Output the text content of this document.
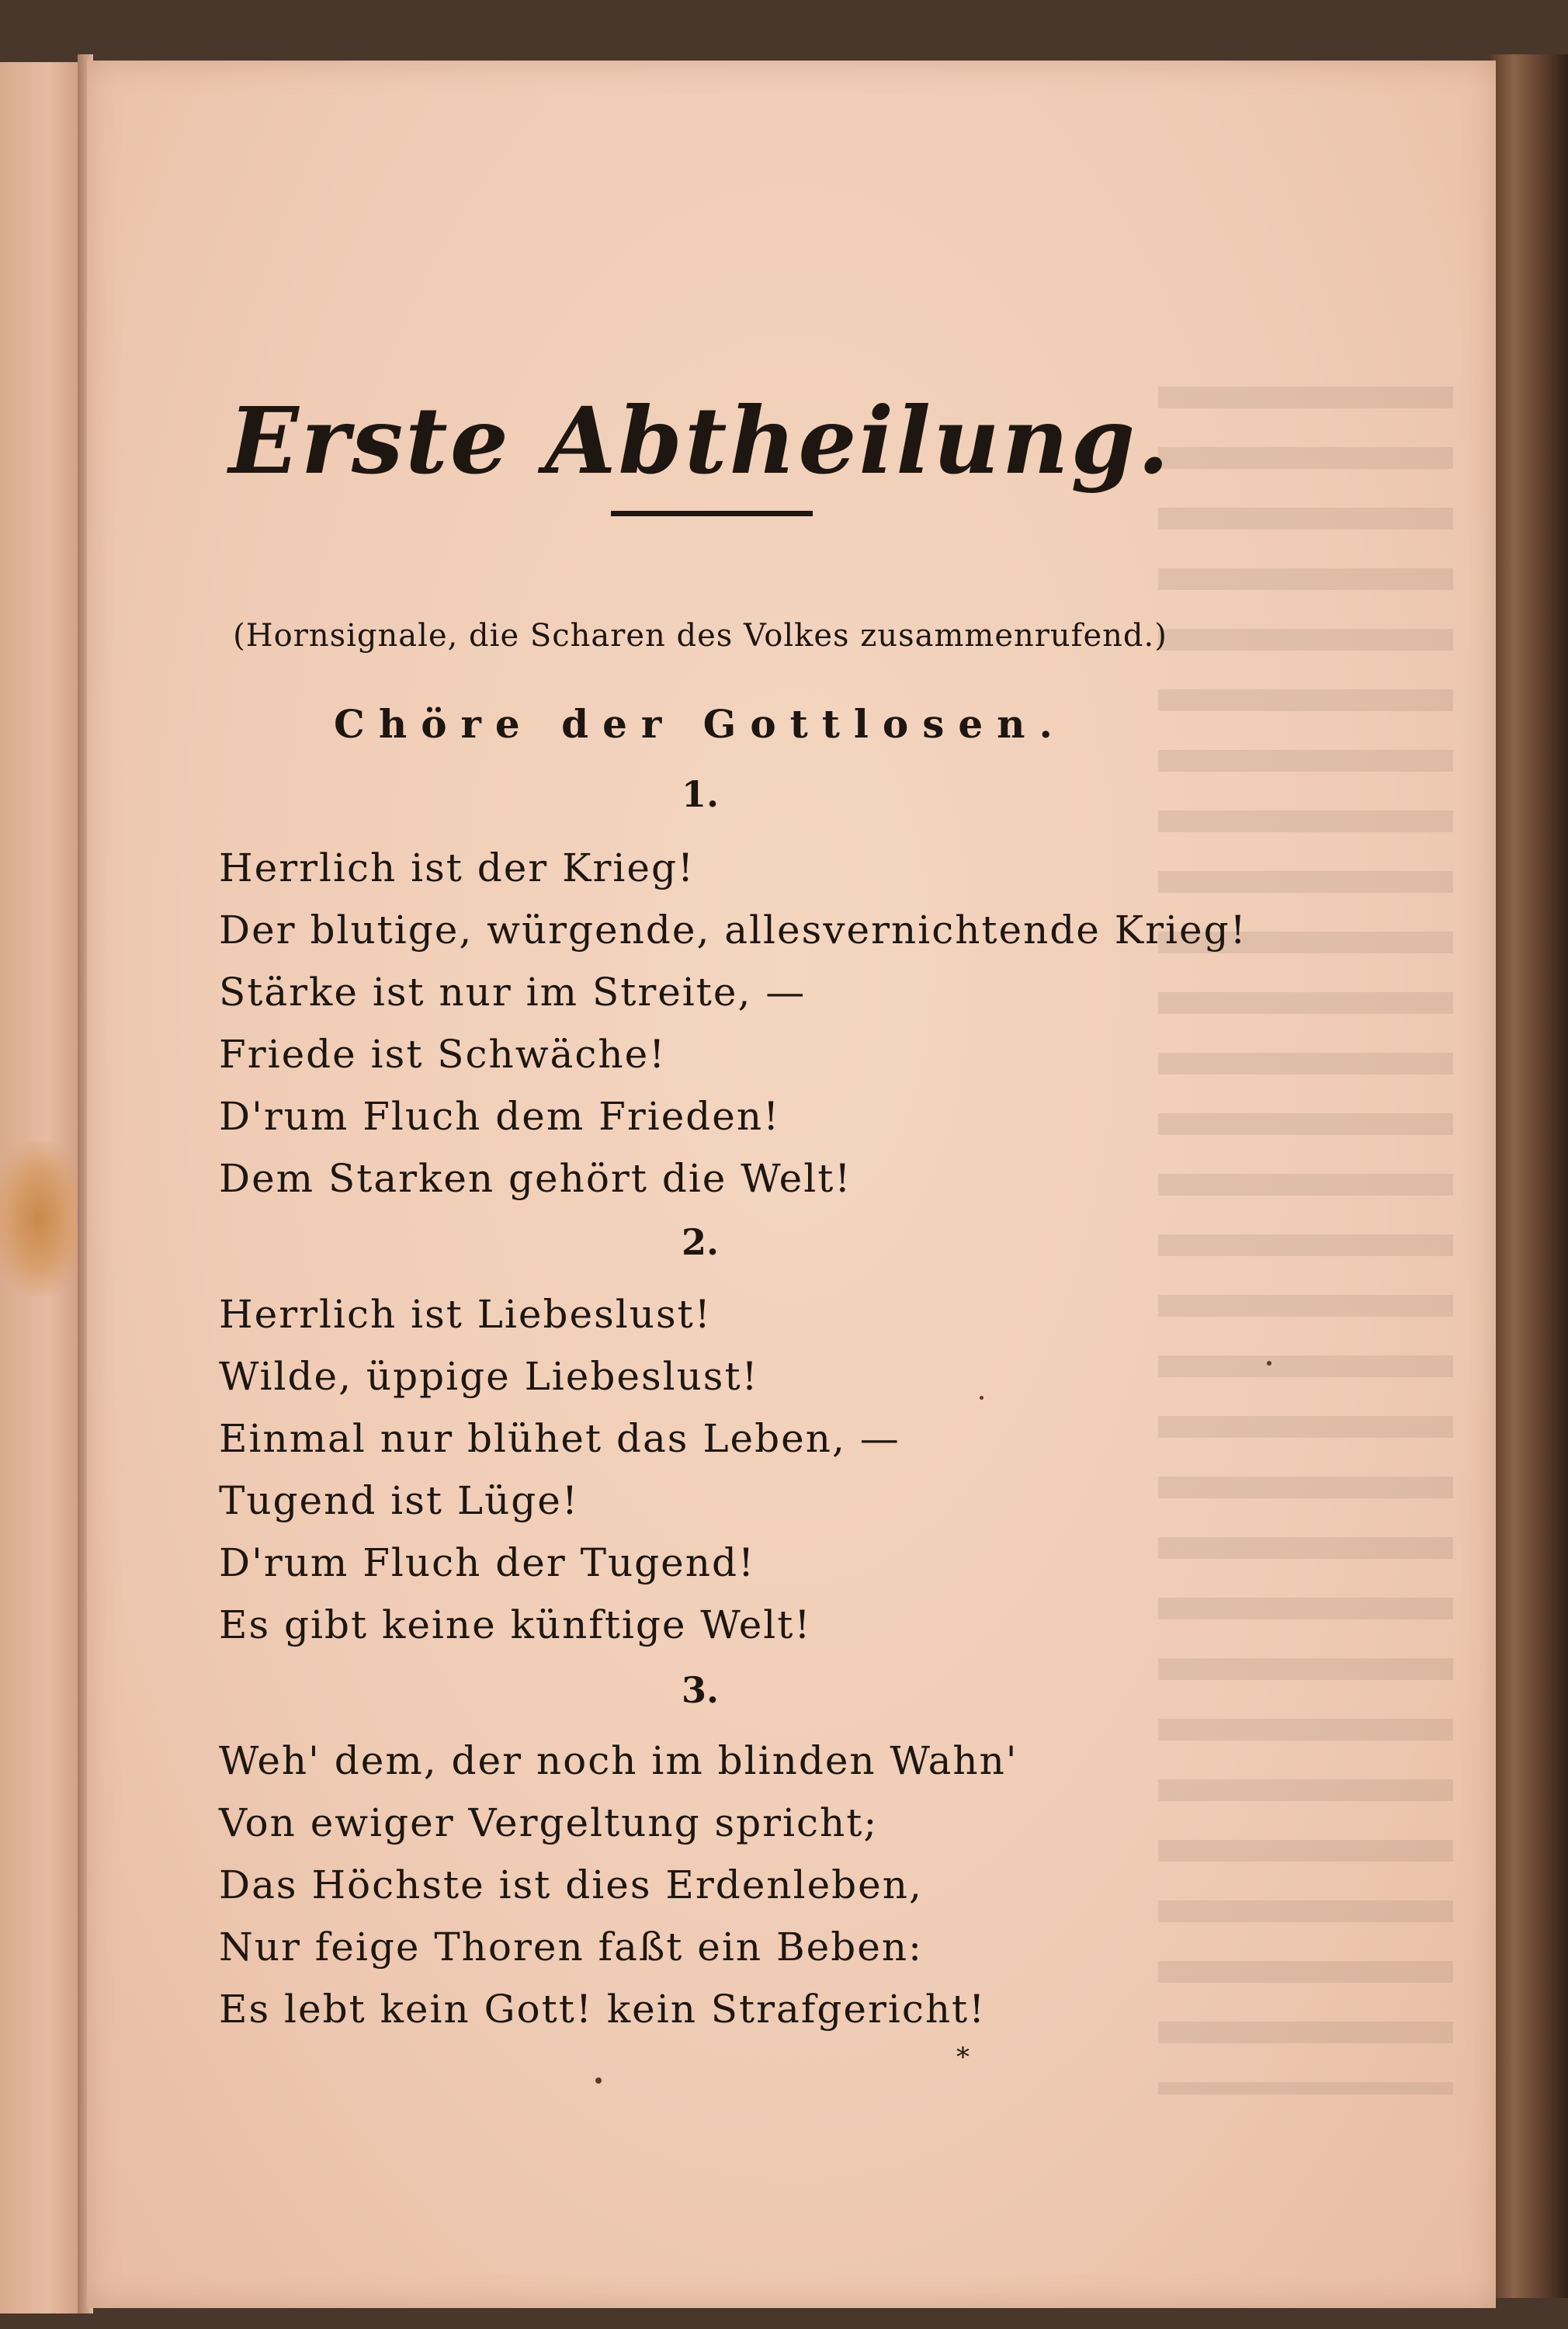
Erste Abtheilung.
(Hornsignale, die Scharen des Volkes zusammenrufend.)
Chöre der Gottlosen.
1.
Herrlich ist der Krieg!
Der blutige, würgende, allesvernichtende Krieg!
Stärke ist nur im Streite, —
Friede ist Schwäche!
D'rum Fluch dem Frieden!
Dem Starken gehört die Welt!
2.
Herrlich ist Liebeslust!
Wilde, üppige Liebeslust!
Einmal nur blühet das Leben, —
Tugend ist Lüge!
D'rum Fluch der Tugend!
Es gibt keine künftige Welt!
3.
Weh' dem, der noch im blinden Wahn'
Von ewiger Vergeltung spricht;
Das Höchste ist dies Erdenleben,
Nur feige Thoren faßt ein Beben:
Es lebt kein Gott! kein Strafgericht!
*
